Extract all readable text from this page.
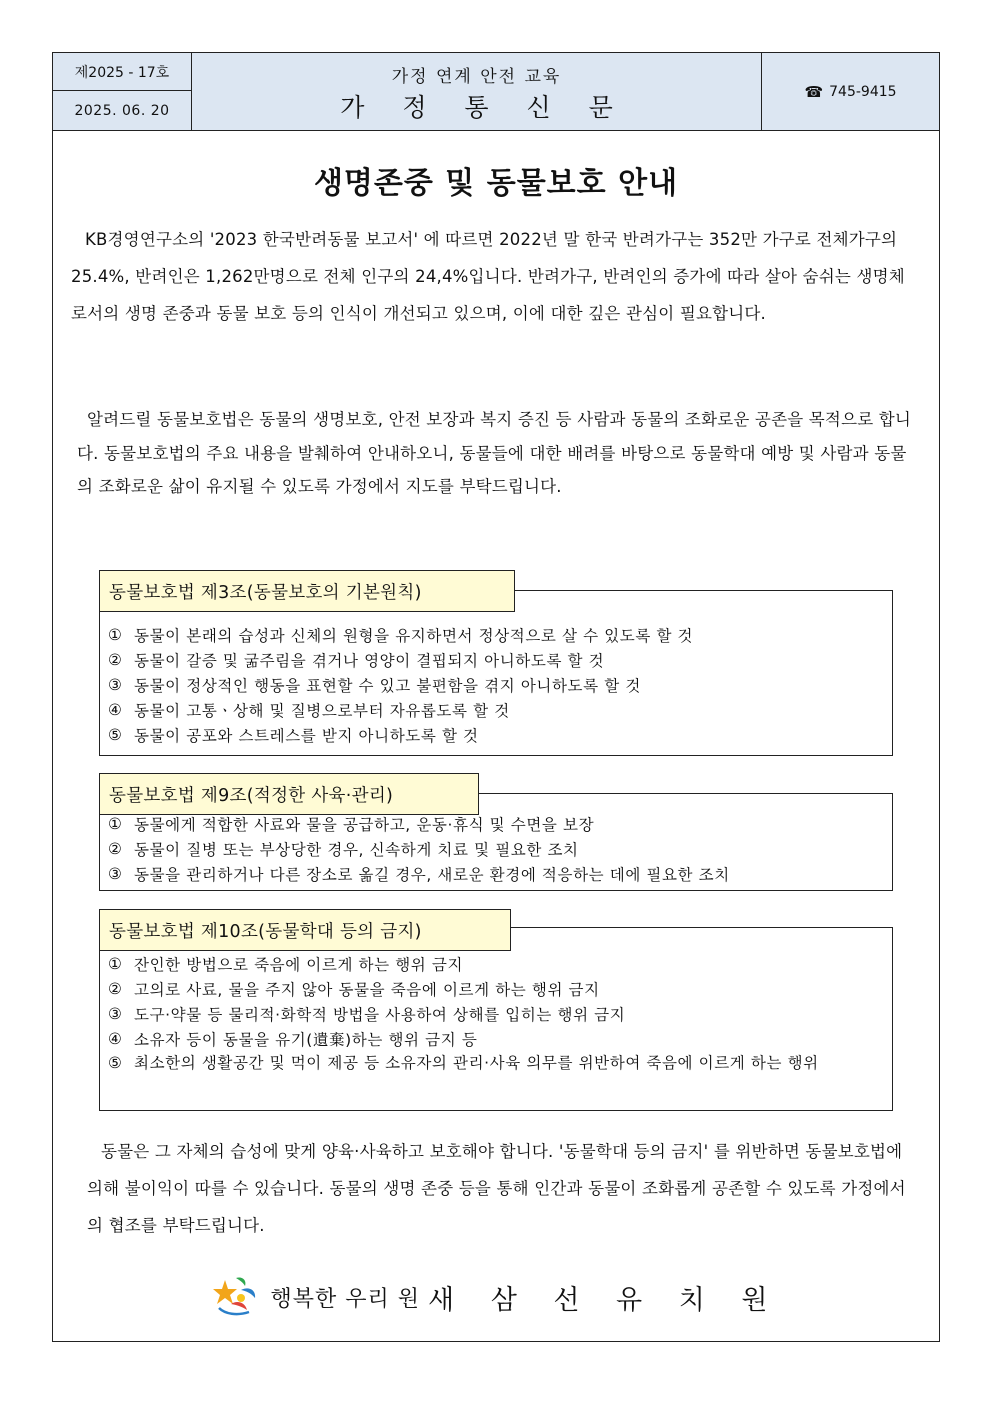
제2025 - 17호
2025. 06. 20
가정 연계 안전 교육
가 정 통 신 문
☎ 745-9415
생명존중 및 동물보호 안내
KB경영연구소의 '2023 한국반려동물 보고서' 에 따르면 2022년 말 한국 반려가구는 352만 가구로 전체가구의 25.4%, 반려인은 1,262만명으로 전체 인구의 24,4%입니다. 반려가구, 반려인의 증가에 따라 살아 숨쉬는 생명체로서의 생명 존중과 동물 보호 등의 인식이 개선되고 있으며, 이에 대한 깊은 관심이 필요합니다.
알려드릴 동물보호법은 동물의 생명보호, 안전 보장과 복지 증진 등 사람과 동물의 조화로운 공존을 목적으로 합니다. 동물보호법의 주요 내용을 발췌하여 안내하오니, 동물들에 대한 배려를 바탕으로 동물학대 예방 및 사람과 동물의 조화로운 삶이 유지될 수 있도록 가정에서 지도를 부탁드립니다.
① 동물이 본래의 습성과 신체의 원형을 유지하면서 정상적으로 살 수 있도록 할 것
② 동물이 갈증 및 굶주림을 겪거나 영양이 결핍되지 아니하도록 할 것
③ 동물이 정상적인 행동을 표현할 수 있고 불편함을 겪지 아니하도록 할 것
④ 동물이 고통ㆍ상해 및 질병으로부터 자유롭도록 할 것
⑤ 동물이 공포와 스트레스를 받지 아니하도록 할 것
동물보호법 제3조(동물보호의 기본원칙)
① 동물에게 적합한 사료와 물을 공급하고, 운동·휴식 및 수면을 보장
② 동물이 질병 또는 부상당한 경우, 신속하게 치료 및 필요한 조치
③ 동물을 관리하거나 다른 장소로 옮길 경우, 새로운 환경에 적응하는 데에 필요한 조치
동물보호법 제9조(적정한 사육·관리)
① 잔인한 방법으로 죽음에 이르게 하는 행위 금지
② 고의로 사료, 물을 주지 않아 동물을 죽음에 이르게 하는 행위 금지
③ 도구·약물 등 물리적·화학적 방법을 사용하여 상해를 입히는 행위 금지
④ 소유자 등이 동물을 유기(遺棄)하는 행위 금지 등
⑤ 최소한의 생활공간 및 먹이 제공 등 소유자의 관리·사육 의무를 위반하여 죽음에 이르게 하는 행위
동물보호법 제10조(동물학대 등의 금지)
동물은 그 자체의 습성에 맞게 양육·사육하고 보호해야 합니다. '동물학대 등의 금지' 를 위반하면 동물보호법에 의해 불이익이 따를 수 있습니다. 동물의 생명 존중 등을 통해 인간과 동물이 조화롭게 공존할 수 있도록 가정에서의 협조를 부탁드립니다.
행복한 우리 원 새 삼 선 유 치 원
